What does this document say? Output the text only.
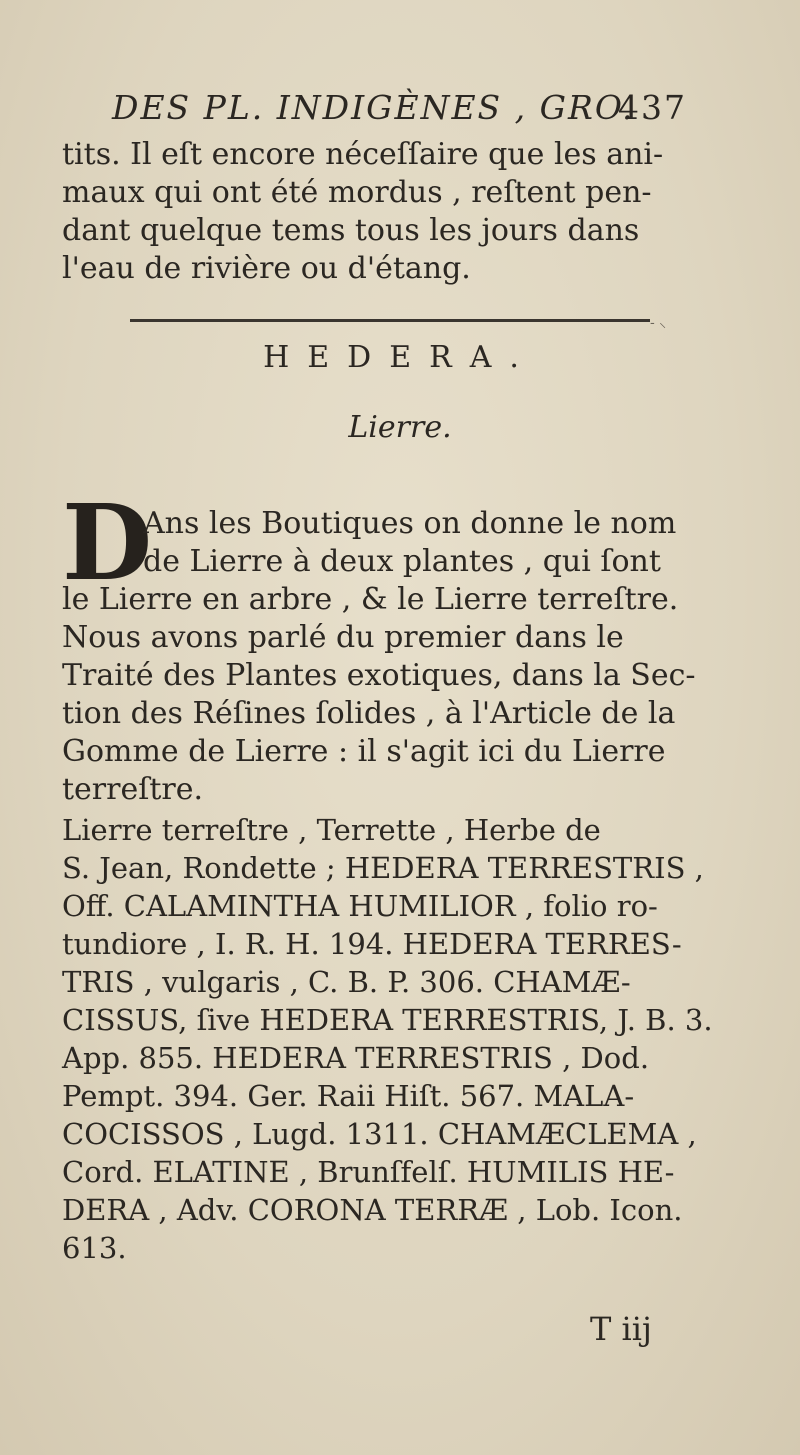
DES PL. INDIGÈNES , GRO.
437
tits. Il eſt encore néceſſaire que les ani-
maux qui ont été mordus , reſtent pen-
dant quelque tems tous les jours dans
l'eau de rivière ou d'étang.
- ⸜
HEDERA.
Lierre.
D
Ans les Boutiques on donne le nom
de Lierre à deux plantes , qui ſont
le Lierre en arbre , & le Lierre terreſtre.
Nous avons parlé du premier dans le
Traité des Plantes exotiques, dans la Sec-
tion des Réſines ſolides , à l'Article de la
Gomme de Lierre : il s'agit ici du Lierre
terreſtre.
Lierre terreſtre , Terrette , Herbe de
S. Jean, Rondette ; HEDERA TERRESTRIS ,
Off. CALAMINTHA HUMILIOR , folio ro-
tundiore , I. R. H. 194. HEDERA TERRES-
TRIS , vulgaris , C. B. P. 306. CHAMÆ-
CISSUS, ſive HEDERA TERRESTRIS, J. B. 3.
App. 855. HEDERA TERRESTRIS , Dod.
Pempt. 394. Ger. Raii Hiſt. 567. MALA-
COCISSOS , Lugd. 1311. CHAMÆCLEMA ,
Cord. ELATINE , Brunſfelſ. HUMILIS HE-
DERA , Adv. CORONA TERRÆ , Lob. Icon.
613.
T iij
